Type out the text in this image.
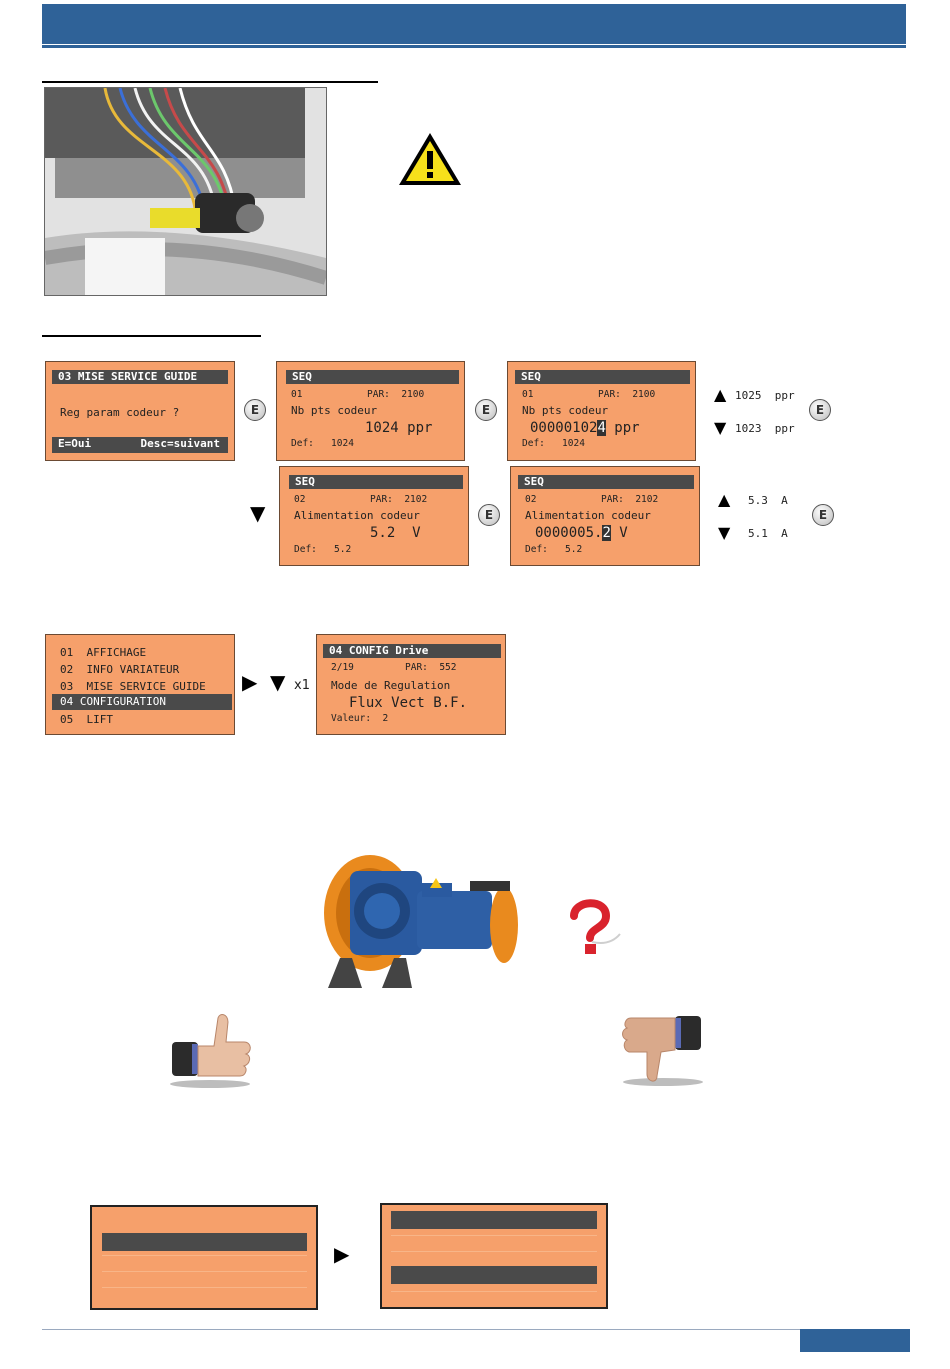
03 MISE SERVICE GUIDE
Reg param codeur ?
E=Oui	Desc=suivant
E
SEQ
01	PAR:  2100
Nb pts codeur
1024 ppr
Def:   1024
E
SEQ
01	PAR:  2100
Nb pts codeur
000001024 ppr
Def:   1024
▲ 1025  ppr
▼ 1023  ppr
E
▼
SEQ
02	PAR:  2102
Alimentation codeur
5.2  V
Def:   5.2
E
SEQ
02	PAR:  2102
Alimentation codeur
0000005.2 V
Def:   5.2
▲ 5.3  A
▼ 5.1  A
E
01  AFFICHAGE
02  INFO VARIATEUR
03  MISE SERVICE GUIDE
04 CONFIGURATION
05  LIFT
▶ ▼ x1
04 CONFIG Drive
2/19	PAR:  552
Mode de Regulation
Flux Vect B.F.
Valeur:  2
▶
